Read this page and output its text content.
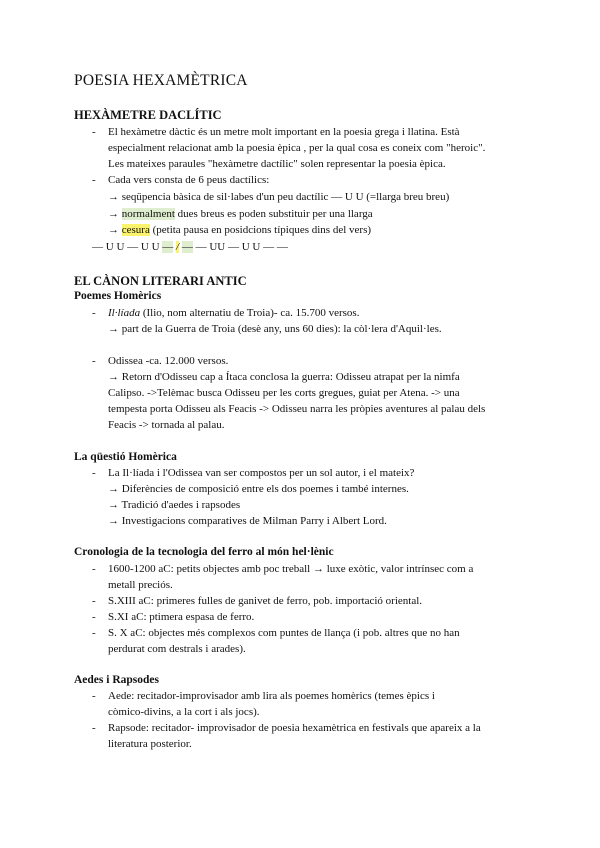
POESIA HEXAMÈTRICA
HEXÀMETRE DACLÍTIC
- El hexàmetre dàctic és un metre molt important en la poesia grega i llatina. Està
especialment relacionat amb la poesia èpica , per la qual cosa es coneix com "heroic".
Les mateixes paraules "hexàmetre dactílic" solen representar la poesia èpica.
- Cada vers consta de 6 peus dactílics:
→ seqüpencia bàsica de sil·labes d'un peu dactílic — U U (=llarga breu breu)
→ normalment dues breus es poden substituir per una llarga
→ cesura (petita pausa en posidcions típiques dins del vers)
— U U — U U — / — — UU — U U — —
EL CÀNON LITERARI ANTIC
Poemes Homèrics
- Il·líada (Ilio, nom alternatiu de Troia)- ca. 15.700 versos.
→ part de la Guerra de Troia (desè any, uns 60 dies): la còl·lera d'Aquil·les.
- Odissea -ca. 12.000 versos.
→ Retorn d'Odisseu cap a Ítaca conclosa la guerra: Odisseu atrapat per la nimfa
Calipso. ->Telèmac busca Odisseu per les corts gregues, guiat per Atena. -> una
tempesta porta Odisseu als Feacis -> Odisseu narra les pròpies aventures al palau dels
Feacis -> tornada al palau.
La qüestió Homèrica
- La Il·líada i l'Odissea van ser compostos per un sol autor, i el mateix?
→ Diferències de composició entre els dos poemes i també internes.
→ Tradició d'aedes i rapsodes
→ Investigacions comparatives de Milman Parry i Albert Lord.
Cronologia de la tecnologia del ferro al món hel·lènic
- 1600-1200 aC: petits objectes amb poc treball → luxe exòtic, valor intrínsec com a
metall preciós.
- S.XIII aC: primeres fulles de ganivet de ferro, pob. importació oriental.
- S.XI aC: ptimera espasa de ferro.
- S. X aC: objectes més complexos com puntes de llança (i pob. altres que no han
perdurat com destrals i arades).
Aedes i Rapsodes
- Aede: recitador-improvisador amb lira als poemes homèrics (temes èpics i
còmico-divins, a la cort i als jocs).
- Rapsode: recitador- improvisador de poesia hexamètrica en festivals que apareix a la
literatura posterior.
